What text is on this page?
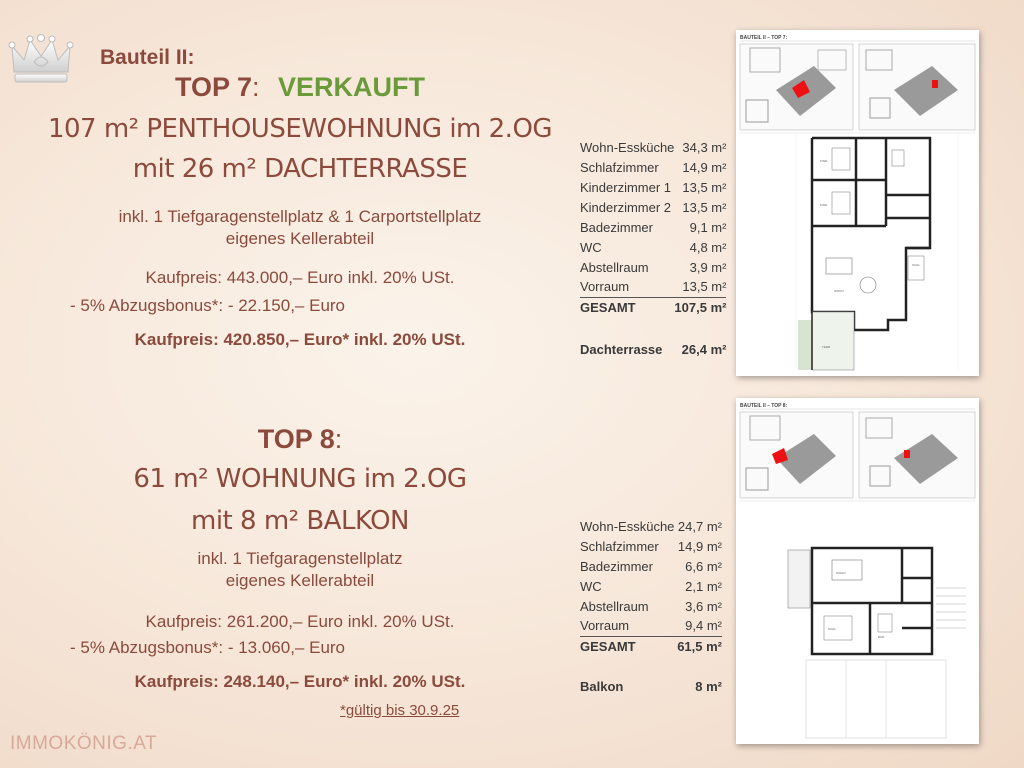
Bauteil II:
TOP 7: VERKAUFT
107 m² PENTHOUSEWOHNUNG im 2.OG
mit 26 m² DACHTERRASSE
inkl. 1 Tiefgaragenstellplatz & 1 Carportstellplatz
eigenes Kellerabteil
Kaufpreis: 443.000,– Euro inkl. 20% USt.
- 5% Abzugsbonus*: - 22.150,– Euro
Kaufpreis: 420.850,– Euro* inkl. 20% USt.
TOP 8:
61 m² WOHNUNG im 2.OG
mit 8 m² BALKON
inkl. 1 Tiefgaragenstellplatz
eigenes Kellerabteil
Kaufpreis: 261.200,– Euro inkl. 20% USt.
- 5% Abzugsbonus*: - 13.060,– Euro
Kaufpreis: 248.140,– Euro* inkl. 20% USt.
*gültig bis 30.9.25
IMMOKÖNIG.AT
Wohn-Essküche	34,3 m²
Schlafzimmer	14,9 m²
Kinderzimmer 1	13,5 m²
Kinderzimmer 2	13,5 m²
Badezimmer	9,1 m²
WC	4,8 m²
Abstellraum	3,9 m²
Vorraum	13,5 m²
GESAMT	107,5 m²

Dachterrasse	26,4 m²
Wohn-Essküche	24,7 m²
Schlafzimmer	14,9 m²
Badezimmer	6,6 m²
WC	2,1 m²
Abstellraum	3,6 m²
Vorraum	9,4 m²
GESAMT	61,5 m²

Balkon	8 m²
BAUTEIL II – TOP 7:
KIND.
KIND.
WOHN
SCHL.
TERR.
BAUTEIL II – TOP 8:
WOHN
SCHL.
BAD
